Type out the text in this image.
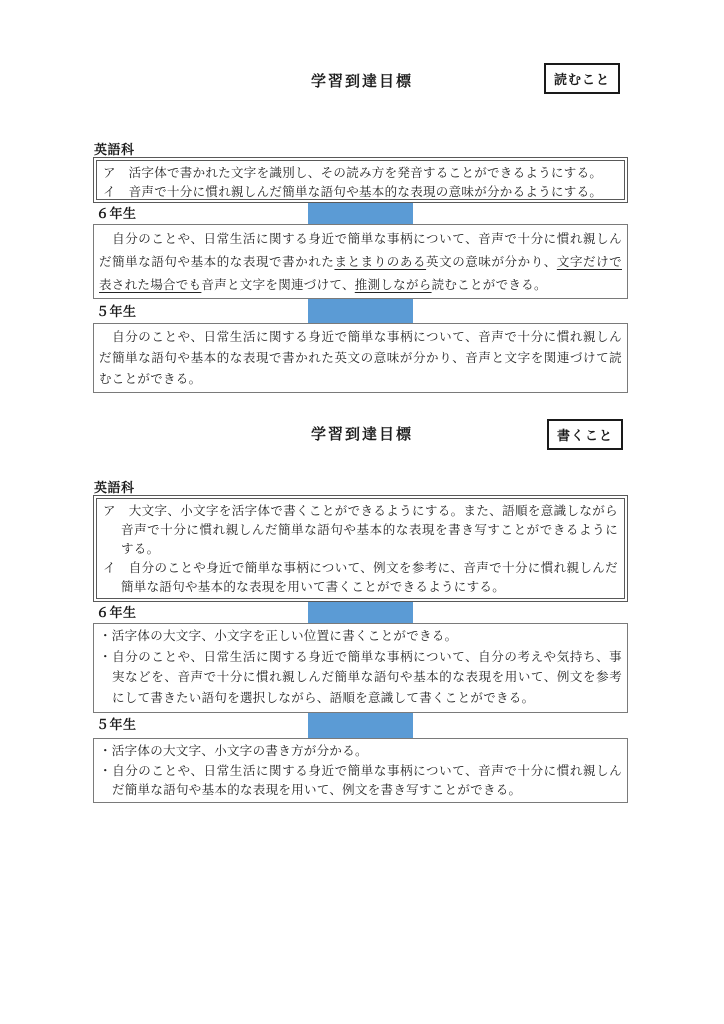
学習到達目標	読むこと
英語科
ア　活字体で書かれた文字を識別し、その読み方を発音することができるようにする。
イ　音声で十分に慣れ親しんだ簡単な語句や基本的な表現の意味が分かるようにする。
６年生
　自分のことや、日常生活に関する身近で簡単な事柄について、音声で十分に慣れ親しんだ簡単な語句や基本的な表現で書かれたまとまりのある英文の意味が分かり、文字だけで表された場合でも音声と文字を関連づけて、推測しながら読むことができる。
５年生
　自分のことや、日常生活に関する身近で簡単な事柄について、音声で十分に慣れ親しんだ簡単な語句や基本的な表現で書かれた英文の意味が分かり、音声と文字を関連づけて読むことができる。
学習到達目標	書くこと
英語科
ア　大文字、小文字を活字体で書くことができるようにする。また、語順を意識しながら音声で十分に慣れ親しんだ簡単な語句や基本的な表現を書き写すことができるようにする。
イ　自分のことや身近で簡単な事柄について、例文を参考に、音声で十分に慣れ親しんだ簡単な語句や基本的な表現を用いて書くことができるようにする。
６年生
・活字体の大文字、小文字を正しい位置に書くことができる。
・自分のことや、日常生活に関する身近で簡単な事柄について、自分の考えや気持ち、事実などを、音声で十分に慣れ親しんだ簡単な語句や基本的な表現を用いて、例文を参考にして書きたい語句を選択しながら、語順を意識して書くことができる。
５年生
・活字体の大文字、小文字の書き方が分かる。
・自分のことや、日常生活に関する身近で簡単な事柄について、音声で十分に慣れ親しんだ簡単な語句や基本的な表現を用いて、例文を書き写すことができる。
